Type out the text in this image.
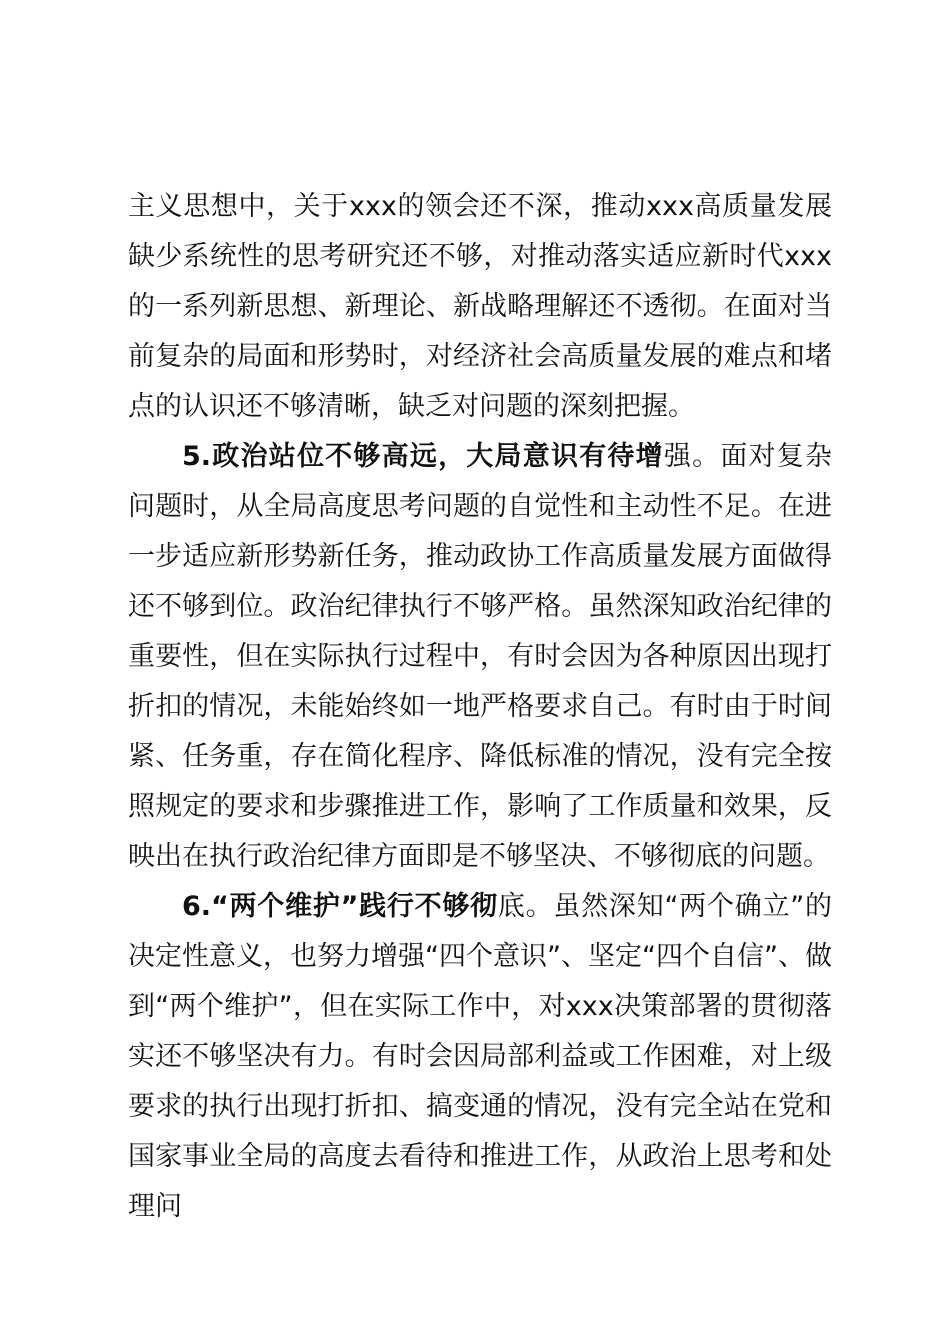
主义思想中，关于xxx的领会还不深，推动xxx高质量发展缺少系统性的思考研究还不够，对推动落实适应新时代xxx的一系列新思想、新理论、新战略理解还不透彻。在面对当前复杂的局面和形势时，对经济社会高质量发展的难点和堵点的认识还不够清晰，缺乏对问题的深刻把握。

5.政治站位不够高远，大局意识有待增强。面对复杂问题时，从全局高度思考问题的自觉性和主动性不足。在进一步适应新形势新任务，推动政协工作高质量发展方面做得还不够到位。政治纪律执行不够严格。虽然深知政治纪律的重要性，但在实际执行过程中，有时会因为各种原因出现打折扣的情况，未能始终如一地严格要求自己。有时由于时间紧、任务重，存在简化程序、降低标准的情况，没有完全按照规定的要求和步骤推进工作，影响了工作质量和效果，反映出在执行政治纪律方面即是不够坚决、不够彻底的问题。

6.“两个维护”践行不够彻底。虽然深知“两个确立”的决定性意义，也努力增强“四个意识”、坚定“四个自信”、做到“两个维护”，但在实际工作中，对xxx决策部署的贯彻落实还不够坚决有力。有时会因局部利益或工作困难，对上级要求的执行出现打折扣、搞变通的情况，没有完全站在党和国家事业全局的高度去看待和推进工作，从政治上思考和处理问
